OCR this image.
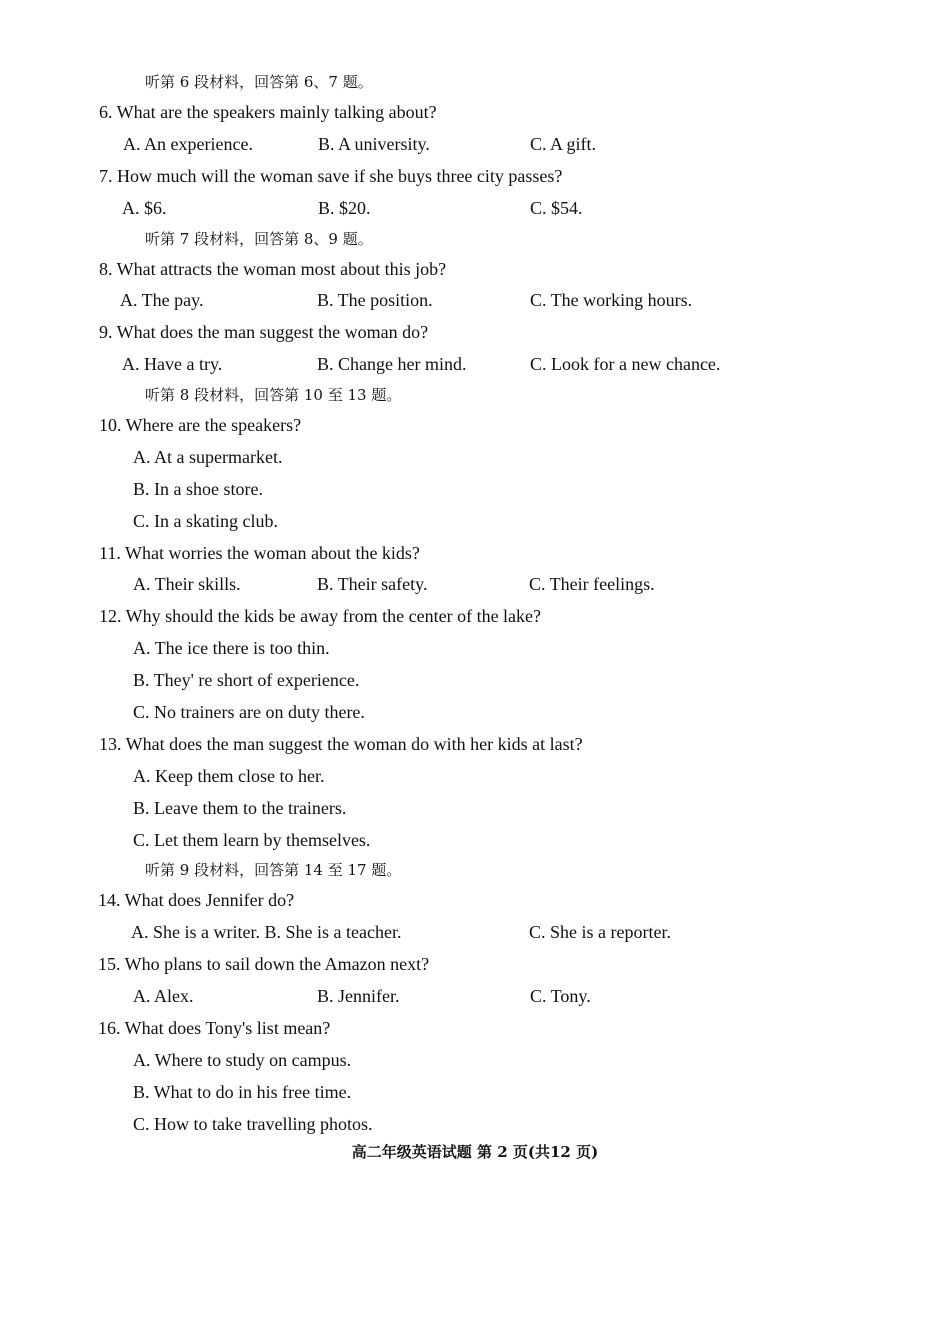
听第 6 段材料，回答第 6、7 题。
6. What are the speakers mainly talking about?
A. An experience.	B. A university.	C. A gift.
7. How much will the woman save if she buys three city passes?
A. $6.	B. $20.	C. $54.
听第 7 段材料，回答第 8、9 题。
8. What attracts the woman most about this job?
A. The pay.	B. The position.	C. The working hours.
9. What does the man suggest the woman do?
A. Have a try.	B. Change her mind.	C. Look for a new chance.
听第 8 段材料，回答第 10 至 13 题。
10. Where are the speakers?
A. At a supermarket.
B. In a shoe store.
C. In a skating club.
11. What worries the woman about the kids?
A. Their skills.	B. Their safety.	C. Their feelings.
12. Why should the kids be away from the center of the lake?
A. The ice there is too thin.
B. They' re short of experience.
C. No trainers are on duty there.
13. What does the man suggest the woman do with her kids at last?
A. Keep them close to her.
B. Leave them to the trainers.
C. Let them learn by themselves.
听第 9 段材料，回答第 14 至 17 题。
14. What does Jennifer do?
A. She is a writer. B. She is a teacher.	C. She is a reporter.
15. Who plans to sail down the Amazon next?
A. Alex.	B. Jennifer.	C. Tony.
16. What does Tony's list mean?
A. Where to study on campus.
B. What to do in his free time.
C. How to take travelling photos.
高二年级英语试题 第 2 页(共12 页)
